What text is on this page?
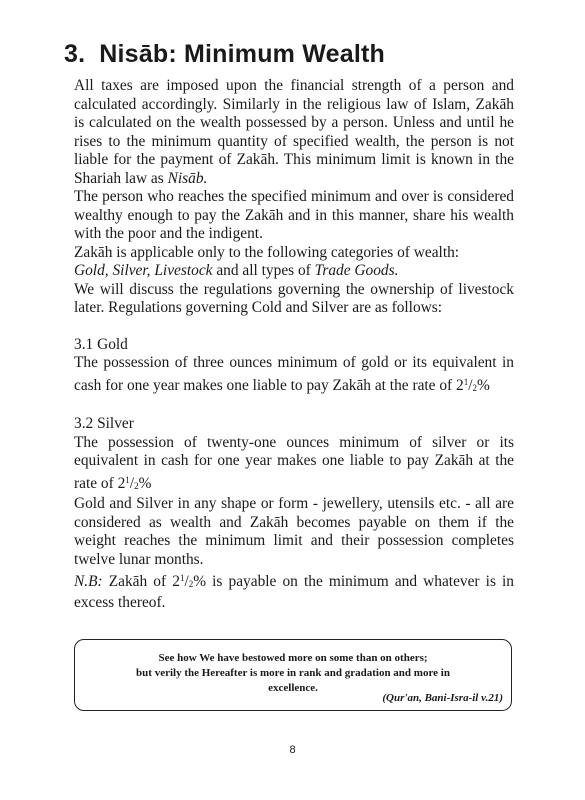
3. Nisāb: Minimum Wealth

All taxes are imposed upon the financial strength of a person and calculated accordingly. Similarly in the religious law of Islam, Zakāh is calculated on the wealth possessed by a person. Unless and until he rises to the minimum quantity of specified wealth, the person is not liable for the payment of Zakāh. This minimum limit is known in the Shariah law as Nisāb.

The person who reaches the specified minimum and over is considered wealthy enough to pay the Zakāh and in this manner, share his wealth with the poor and the indigent.

Zakāh is applicable only to the following categories of wealth:

Gold, Silver, Livestock and all types of Trade Goods.

We will discuss the regulations governing the ownership of livestock later. Regulations governing Cold and Silver are as follows:

3.1 Gold

The possession of three ounces minimum of gold or its equivalent in cash for one year makes one liable to pay Zakāh at the rate of $2^1/_2\%$

3.2 Silver

The possession of twenty-one ounces minimum of silver or its equivalent in cash for one year makes one liable to pay Zakāh at the rate of $2^1/_2\%$

Gold and Silver in any shape or form - jewellery, utensils etc. - all are considered as wealth and Zakāh becomes payable on them if the weight reaches the minimum limit and their possession completes twelve lunar months.

N.B: Zakāh of $2^1/_2\%$ is payable on the minimum and whatever is in excess thereof.

See how We have bestowed more on some than on others;
but verily the Hereafter is more in rank and gradation and more in
excellence.
(Qur'an, Bani-Isra-il v.21)
8
